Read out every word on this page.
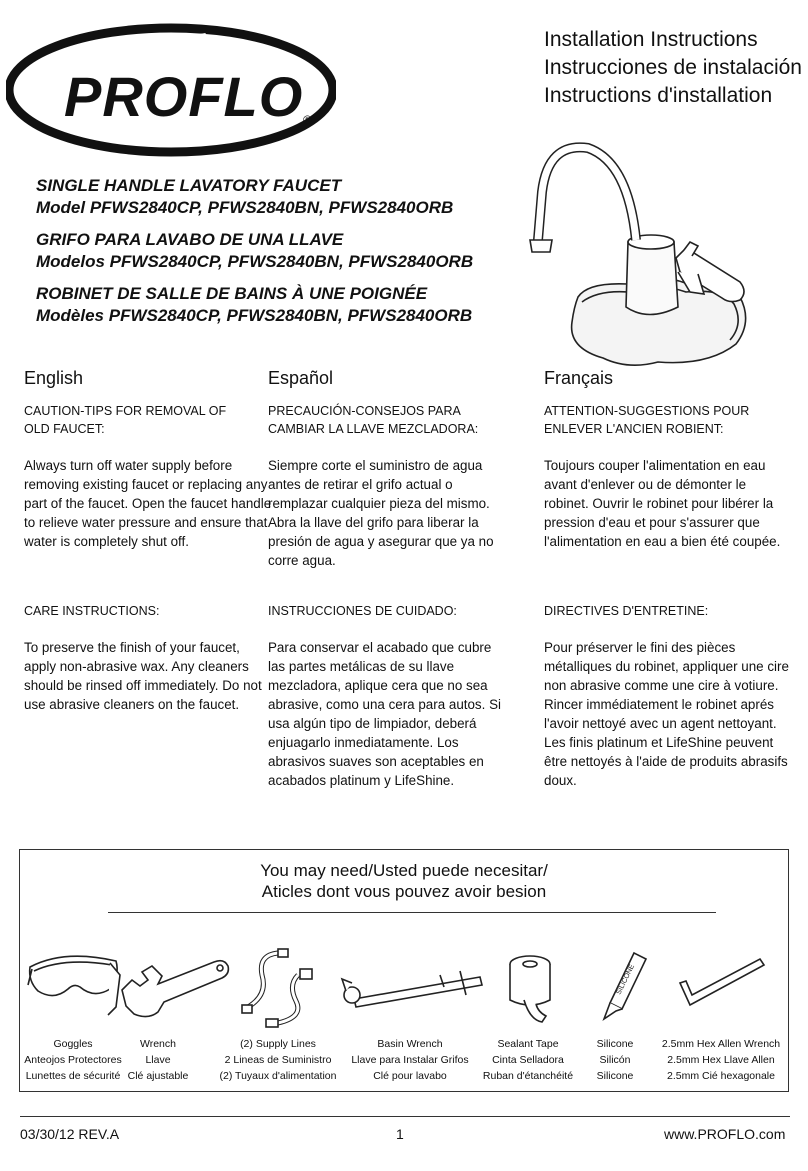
PROFLO ®
Installation Instructions
Instrucciones de instalación
Instructions d'installation
SINGLE HANDLE LAVATORY FAUCET
Model PFWS2840CP, PFWS2840BN, PFWS2840ORB
GRIFO PARA LAVABO DE UNA LLAVE
Modelos PFWS2840CP, PFWS2840BN, PFWS2840ORB
ROBINET DE SALLE DE BAINS À UNE POIGNÉE
Modèles PFWS2840CP, PFWS2840BN, PFWS2840ORB
English
CAUTION-TIPS FOR REMOVAL OF OLD FAUCET:
Always turn off water supply before removing existing faucet or replacing any part of the faucet. Open the faucet handle to relieve water pressure and ensure that water is completely shut off.
CARE INSTRUCTIONS:
To preserve the finish of your faucet, apply non-abrasive wax. Any cleaners should be rinsed off immediately. Do not use abrasive cleaners on the faucet.
Español
PRECAUCIÓN-CONSEJOS PARA CAMBIAR LA LLAVE MEZCLADORA:
Siempre corte el suministro de agua antes de retirar el grifo actual o remplazar cualquier pieza del mismo. Abra la llave del grifo para liberar la presión de agua y asegurar que ya no corre agua.
INSTRUCCIONES DE CUIDADO:
Para conservar el acabado que cubre las partes metálicas de su llave mezcladora, aplique cera que no sea abrasive, como una cera para autos. Si usa algún tipo de limpiador, deberá enjuagarlo inmediatamente. Los abrasivos suaves son aceptables en acabados platinum y LifeShine.
Français
ATTENTION-SUGGESTIONS POUR ENLEVER L'ANCIEN ROBIENT:
Toujours couper l'alimentation en eau avant d'enlever ou de démonter le robinet. Ouvrir le robinet pour libérer la pression d'eau et pour s'assurer que l'alimentation en eau a bien été coupée.
DIRECTIVES D'ENTRETINE:
Pour préserver le fini des pièces métalliques du robinet, appliquer une cire non abrasive comme une cire à votiure. Rincer immédiatement le robinet aprés l'avoir nettoyé avec un agent nettoyant. Les finis platinum et LifeShine peuvent être nettoyés à l'aide de produits abrasifs doux.
You may need/Usted puede necesitar/
Aticles dont vous pouvez avoir besion
SILICONE
Goggles
Anteojos Protectores
Lunettes de sécurité
Wrench
Llave
Clé ajustable
(2) Supply Lines
2 Lineas de Suministro
(2) Tuyaux d'alimentation
Basin Wrench
Llave para Instalar Grifos
Clé pour lavabo
Sealant Tape
Cinta Selladora
Ruban d'étanchéité
Silicone
Silicón
Silicone
2.5mm Hex Allen Wrench
2.5mm Hex Llave Allen
2.5mm Cié hexagonale
03/30/12 REV.A	1	www.PROFLO.com
